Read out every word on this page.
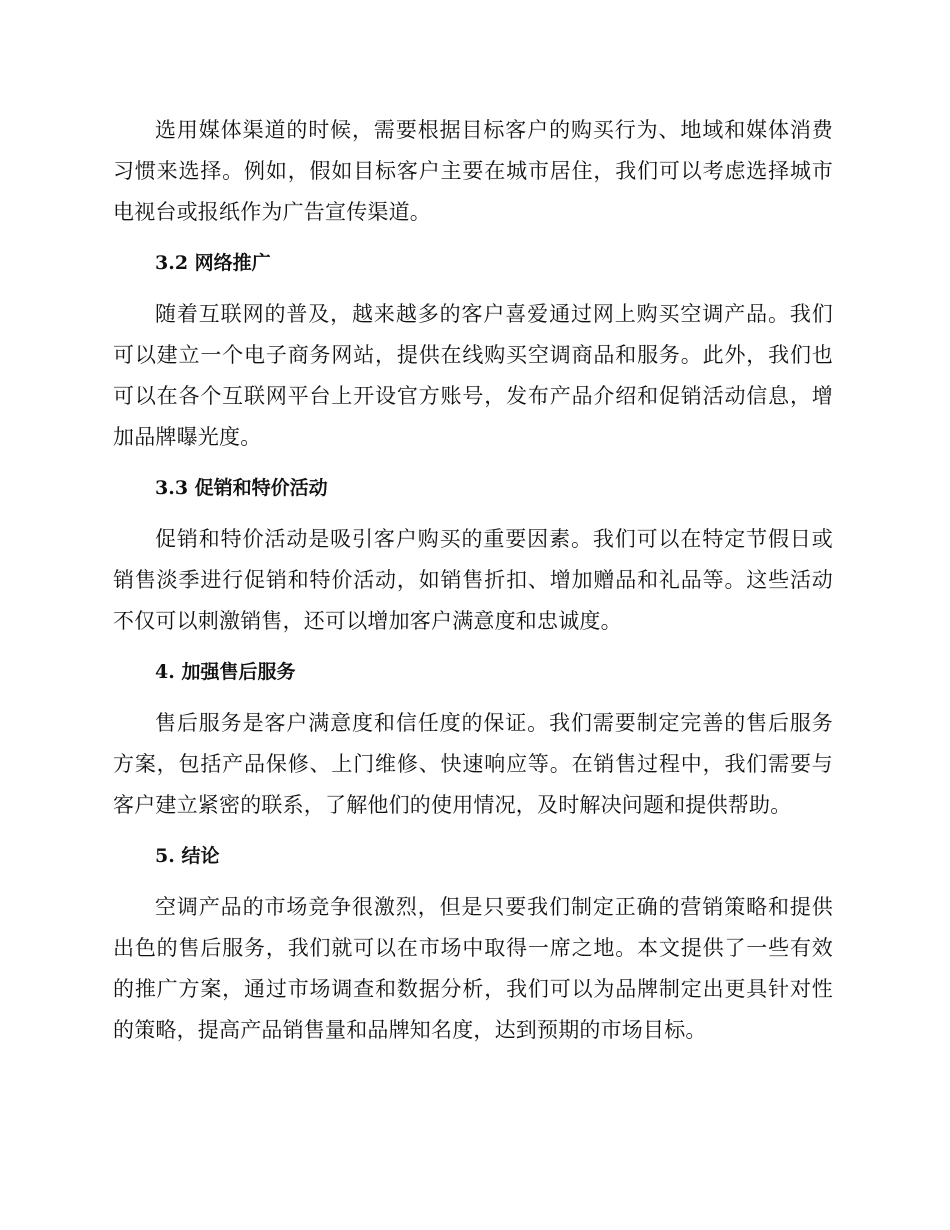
选用媒体渠道的时候，需要根据目标客户的购买行为、地域和媒体消费习惯来选择。例如，假如目标客户主要在城市居住，我们可以考虑选择城市电视台或报纸作为广告宣传渠道。

3.2 网络推广

随着互联网的普及，越来越多的客户喜爱通过网上购买空调产品。我们可以建立一个电子商务网站，提供在线购买空调商品和服务。此外，我们也可以在各个互联网平台上开设官方账号，发布产品介绍和促销活动信息，增加品牌曝光度。

3.3 促销和特价活动

促销和特价活动是吸引客户购买的重要因素。我们可以在特定节假日或销售淡季进行促销和特价活动，如销售折扣、增加赠品和礼品等。这些活动不仅可以刺激销售，还可以增加客户满意度和忠诚度。

4. 加强售后服务

售后服务是客户满意度和信任度的保证。我们需要制定完善的售后服务方案，包括产品保修、上门维修、快速响应等。在销售过程中，我们需要与客户建立紧密的联系，了解他们的使用情况，及时解决问题和提供帮助。

5. 结论

空调产品的市场竞争很激烈，但是只要我们制定正确的营销策略和提供出色的售后服务，我们就可以在市场中取得一席之地。本文提供了一些有效的推广方案，通过市场调查和数据分析，我们可以为品牌制定出更具针对性的策略，提高产品销售量和品牌知名度，达到预期的市场目标。
